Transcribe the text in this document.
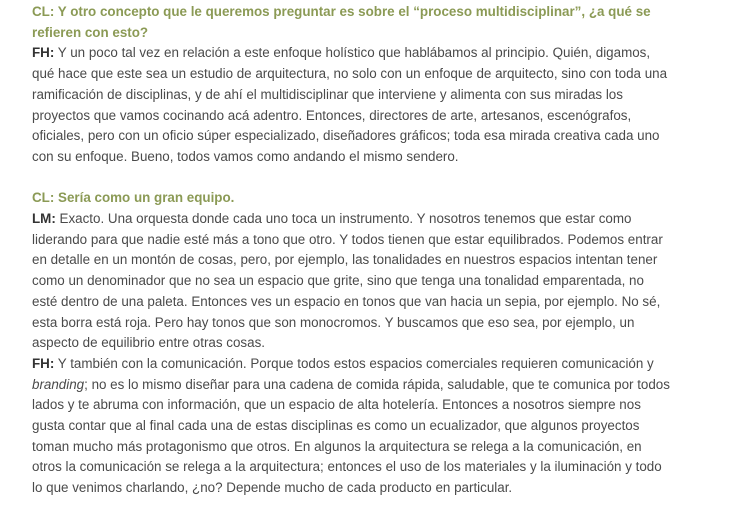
CL: Y otro concepto que le queremos preguntar es sobre el “proceso multidisciplinar”, ¿a qué se refieren con esto?

FH: Y un poco tal vez en relación a este enfoque holístico que hablábamos al principio. Quién, digamos, qué hace que este sea un estudio de arquitectura, no solo con un enfoque de arquitecto, sino con toda una ramificación de disciplinas, y de ahí el multidisciplinar que interviene y alimenta con sus miradas los proyectos que vamos cocinando acá adentro. Entonces, directores de arte, artesanos, escenógrafos, oficiales, pero con un oficio súper especializado, diseñadores gráficos; toda esa mirada creativa cada uno con su enfoque. Bueno, todos vamos como andando el mismo sendero.

CL: Sería como un gran equipo.

LM: Exacto. Una orquesta donde cada uno toca un instrumento. Y nosotros tenemos que estar como liderando para que nadie esté más a tono que otro. Y todos tienen que estar equilibrados. Podemos entrar en detalle en un montón de cosas, pero, por ejemplo, las tonalidades en nuestros espacios intentan tener como un denominador que no sea un espacio que grite, sino que tenga una tonalidad emparentada, no esté dentro de una paleta. Entonces ves un espacio en tonos que van hacia un sepia, por ejemplo. No sé, esta borra está roja. Pero hay tonos que son monocromos. Y buscamos que eso sea, por ejemplo, un aspecto de equilibrio entre otras cosas.

FH: Y también con la comunicación. Porque todos estos espacios comerciales requieren comunicación y branding; no es lo mismo diseñar para una cadena de comida rápida, saludable, que te comunica por todos lados y te abruma con información, que un espacio de alta hotelería. Entonces a nosotros siempre nos gusta contar que al final cada una de estas disciplinas es como un ecualizador, que algunos proyectos toman mucho más protagonismo que otros. En algunos la arquitectura se relega a la comunicación, en otros la comunicación se relega a la arquitectura; entonces el uso de los materiales y la iluminación y todo lo que venimos charlando, ¿no? Depende mucho de cada producto en particular.
